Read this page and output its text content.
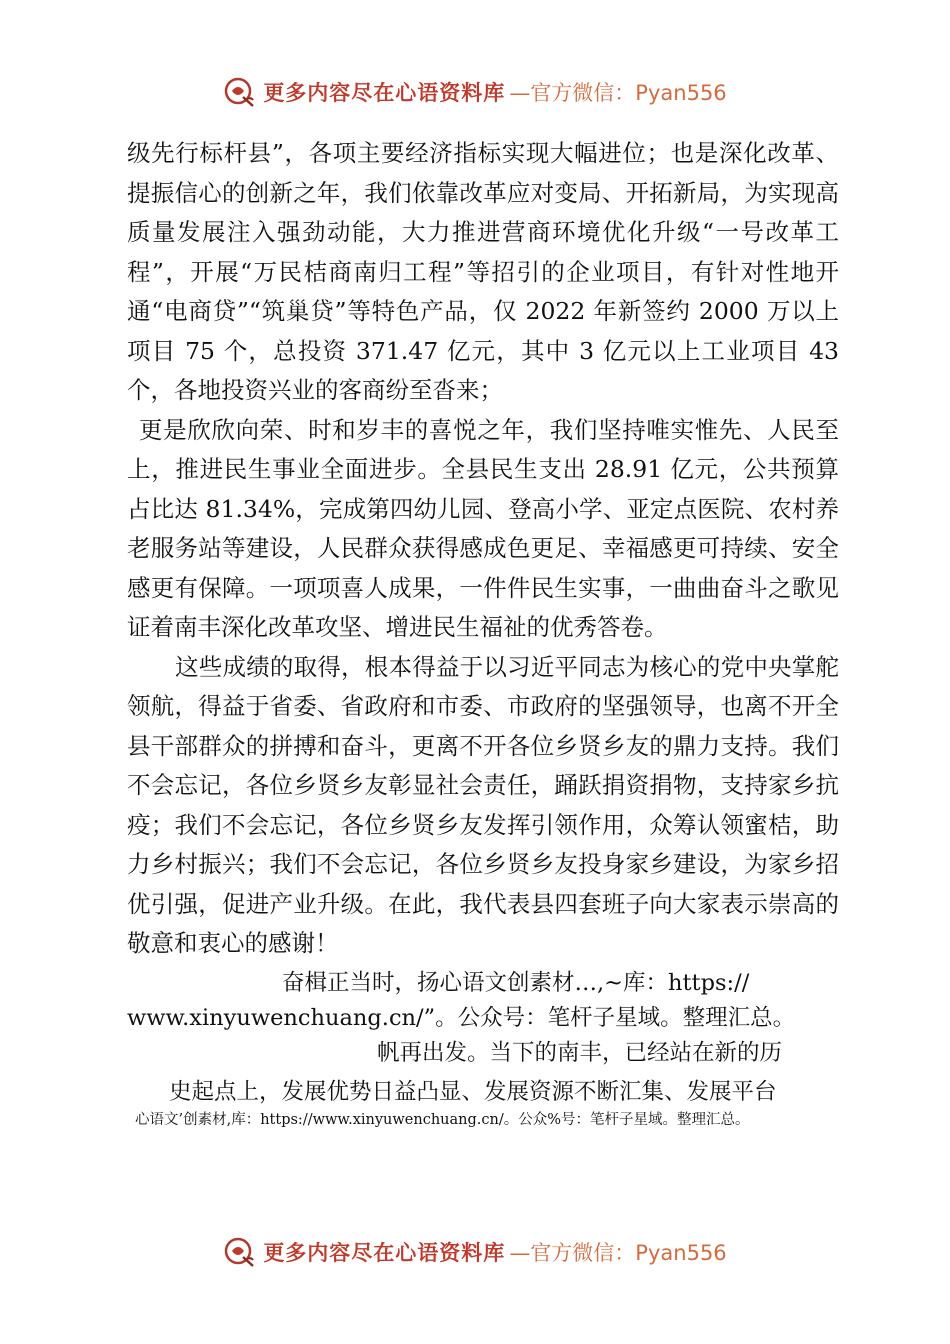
更多内容尽在心语资料库 —官方微信：Pyan556

级先行标杆县”，各项主要经济指标实现大幅进位；也是深化改革、提振信心的创新之年，我们依靠改革应对变局、开拓新局，为实现高质量发展注入强劲动能，大力推进营商环境优化升级“一号改革工程”，开展“万民桔商南归工程”等招引的企业项目，有针对性地开通“电商贷”“筑巢贷”等特色产品，仅 2022 年新签约 2000 万以上项目 75 个，总投资 371.47 亿元，其中 3 亿元以上工业项目 43 个，各地投资兴业的客商纷至沓来；

更是欣欣向荣、时和岁丰的喜悦之年，我们坚持唯实惟先、人民至上，推进民生事业全面进步。全县民生支出 28.91 亿元，公共预算占比达 81.34%，完成第四幼儿园、登高小学、亚定点医院、农村养老服务站等建设，人民群众获得感成色更足、幸福感更可持续、安全感更有保障。一项项喜人成果，一件件民生实事，一曲曲奋斗之歌见证着南丰深化改革攻坚、增进民生福祉的优秀答卷。

这些成绩的取得，根本得益于以习近平同志为核心的党中央掌舵领航，得益于省委、省政府和市委、市政府的坚强领导，也离不开全县干部群众的拼搏和奋斗，更离不开各位乡贤乡友的鼎力支持。我们不会忘记，各位乡贤乡友彰显社会责任，踊跃捐资捐物，支持家乡抗疫；我们不会忘记，各位乡贤乡友发挥引领作用，众筹认领蜜桔，助力乡村振兴；我们不会忘记，各位乡贤乡友投身家乡建设，为家乡招优引强，促进产业升级。在此，我代表县四套班子向大家表示崇高的敬意和衷心的感谢！

奋楫正当时，扬心语文创素材…,~库：https://
www.xinyuwenchuang.cn/”。公众号：笔杆子星域。整理汇总。
帆再出发。当下的南丰，已经站在新的历
史起点上，发展优势日益凸显、发展资源不断汇集、发展平台
心语文’创素材,库：https://www.xinyuwenchuang.cn/。公众%号：笔杆子星域。整理汇总。
更多内容尽在心语资料库 —官方微信：Pyan556
